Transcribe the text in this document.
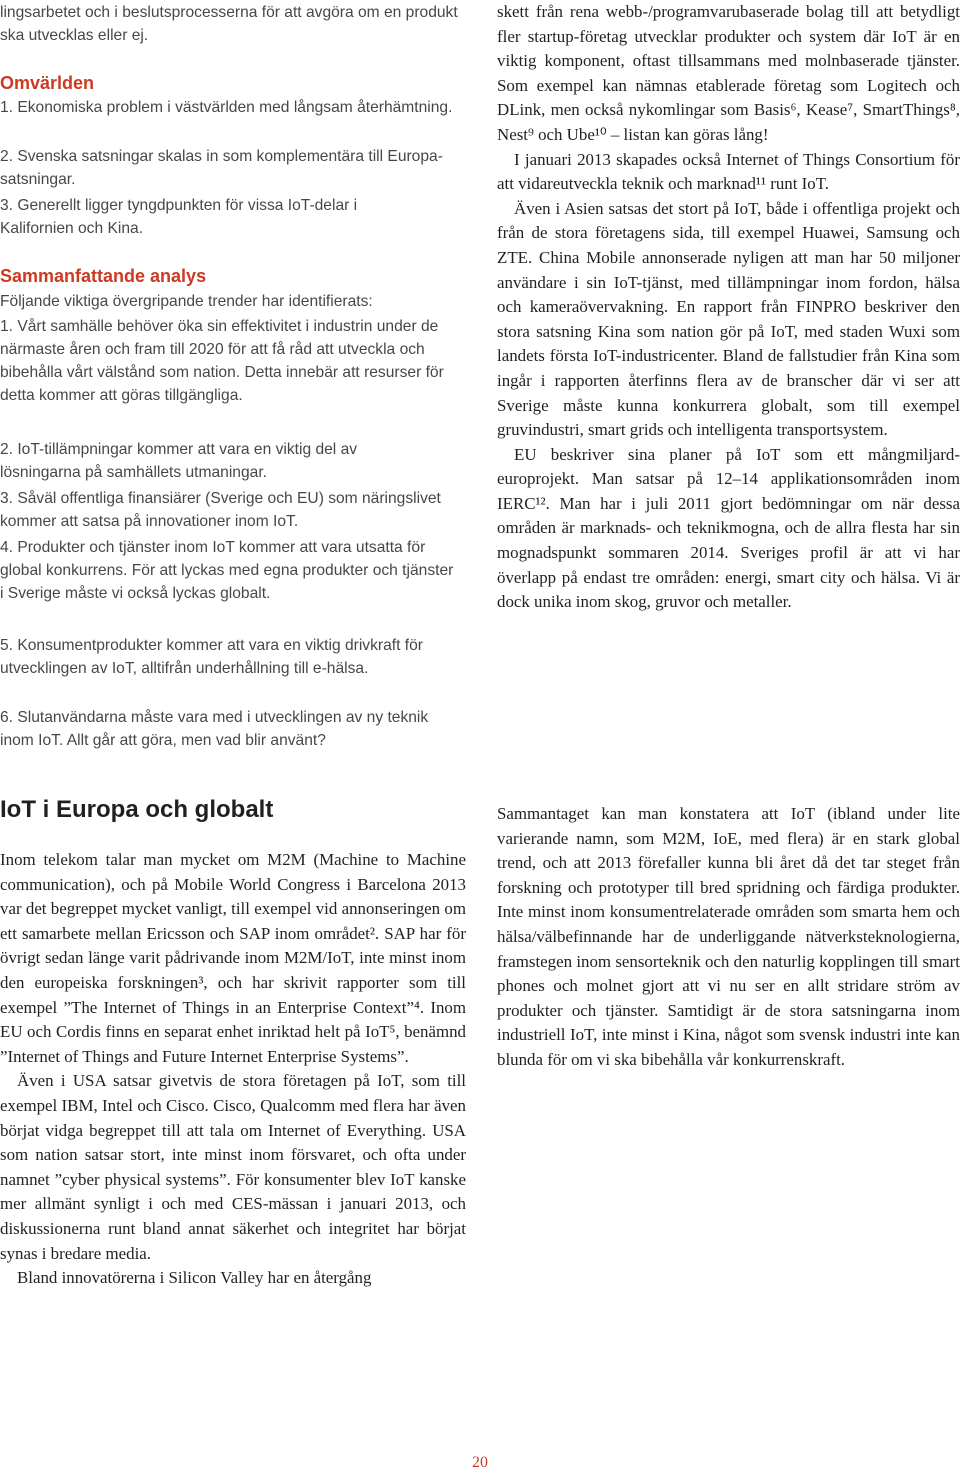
lingsarbetet och i beslutsprocesserna för att avgöra om en produkt ska utvecklas eller ej.

Omvärlden

1. Ekonomiska problem i västvärlden med långsam återhämtning.

2. Svenska satsningar skalas in som komplementära till Europa-satsningar.

3. Generellt ligger tyngdpunkten för vissa IoT-delar i Kalifornien och Kina.

Sammanfattande analys

Följande viktiga övergripande trender har identifierats:

1. Vårt samhälle behöver öka sin effektivitet i industrin under de närmaste åren och fram till 2020 för att få råd att utveckla och bibehålla vårt välstånd som nation. Detta innebär att resurser för detta kommer att göras tillgängliga.

2. IoT-tillämpningar kommer att vara en viktig del av lösningarna på samhällets utmaningar.

3. Såväl offentliga finansiärer (Sverige och EU) som näringslivet kommer att satsa på innovationer inom IoT.

4. Produkter och tjänster inom IoT kommer att vara utsatta för global konkurrens. För att lyckas med egna produkter och tjänster i Sverige måste vi också lyckas globalt.

5. Konsumentprodukter kommer att vara en viktig drivkraft för utvecklingen av IoT, alltifrån underhållning till e-hälsa.

6. Slutanvändarna måste vara med i utvecklingen av ny teknik inom IoT. Allt går att göra, men vad blir använt?

IoT i Europa och globalt

Inom telekom talar man mycket om M2M (Machine to Machine communication), och på Mobile World Congress i Barcelona 2013 var det begreppet mycket vanligt, till exempel vid annonseringen om ett samarbete mellan Ericsson och SAP inom området². SAP har för övrigt sedan länge varit pådrivande inom M2M/IoT, inte minst inom den europeiska forskningen³, och har skrivit rapporter som till exempel ”The Internet of Things in an Enterprise Context”⁴. Inom EU och Cordis finns en separat enhet inriktad helt på IoT⁵, benämnd ”Internet of Things and Future Internet Enterprise Systems”.

Även i USA satsar givetvis de stora företagen på IoT, som till exempel IBM, Intel och Cisco. Cisco, Qualcomm med flera har även börjat vidga begreppet till att tala om Internet of Everything. USA som nation satsar stort, inte minst inom försvaret, och ofta under namnet ”cyber physical systems”. För konsumenter blev IoT kanske mer allmänt synligt i och med CES-mässan i januari 2013, och diskussionerna runt bland annat säkerhet och integritet har börjat synas i bredare media.

Bland innovatörerna i Silicon Valley har en återgång

skett från rena webb-/programvarubaserade bolag till att betydligt fler startup-företag utvecklar produkter och system där IoT är en viktig komponent, oftast tillsammans med molnbaserade tjänster. Som exempel kan nämnas etablerade företag som Logitech och DLink, men också nykomlingar som Basis⁶, Kease⁷, SmartThings⁸, Nest⁹ och Ube¹⁰ – listan kan göras lång!

I januari 2013 skapades också Internet of Things Consortium för att vidareutveckla teknik och marknad¹¹ runt IoT.

Även i Asien satsas det stort på IoT, både i offentliga projekt och från de stora företagens sida, till exempel Huawei, Samsung och ZTE. China Mobile annonserade nyligen att man har 50 miljoner användare i sin IoT-tjänst, med tillämpningar inom fordon, hälsa och kameraövervakning. En rapport från FINPRO beskriver den stora satsning Kina som nation gör på IoT, med staden Wuxi som landets första IoT-industricenter. Bland de fallstudier från Kina som ingår i rapporten återfinns flera av de branscher där vi ser att Sverige måste kunna konkurrera globalt, som till exempel gruvindustri, smart grids och intelligenta transportsystem.

EU beskriver sina planer på IoT som ett mångmiljard-europrojekt. Man satsar på 12–14 applikationsområden inom IERC¹². Man har i juli 2011 gjort bedömningar om när dessa områden är marknads- och teknikmogna, och de allra flesta har sin mognadspunkt sommaren 2014. Sveriges profil är att vi har överlapp på endast tre områden: energi, smart city och hälsa. Vi är dock unika inom skog, gruvor och metaller.

Sammantaget kan man konstatera att IoT (ibland under lite varierande namn, som M2M, IoE, med flera) är en stark global trend, och att 2013 förefaller kunna bli året då det tar steget från forskning och prototyper till bred spridning och färdiga produkter. Inte minst inom konsumentrelaterade områden som smarta hem och hälsa/välbefinnande har de underliggande nätverksteknologierna, framstegen inom sensorteknik och den naturlig kopplingen till smart phones och molnet gjort att vi nu ser en allt stridare ström av produkter och tjänster. Samtidigt är de stora satsningarna inom industriell IoT, inte minst i Kina, något som svensk industri inte kan blunda för om vi ska bibehålla vår konkurrenskraft.

20
